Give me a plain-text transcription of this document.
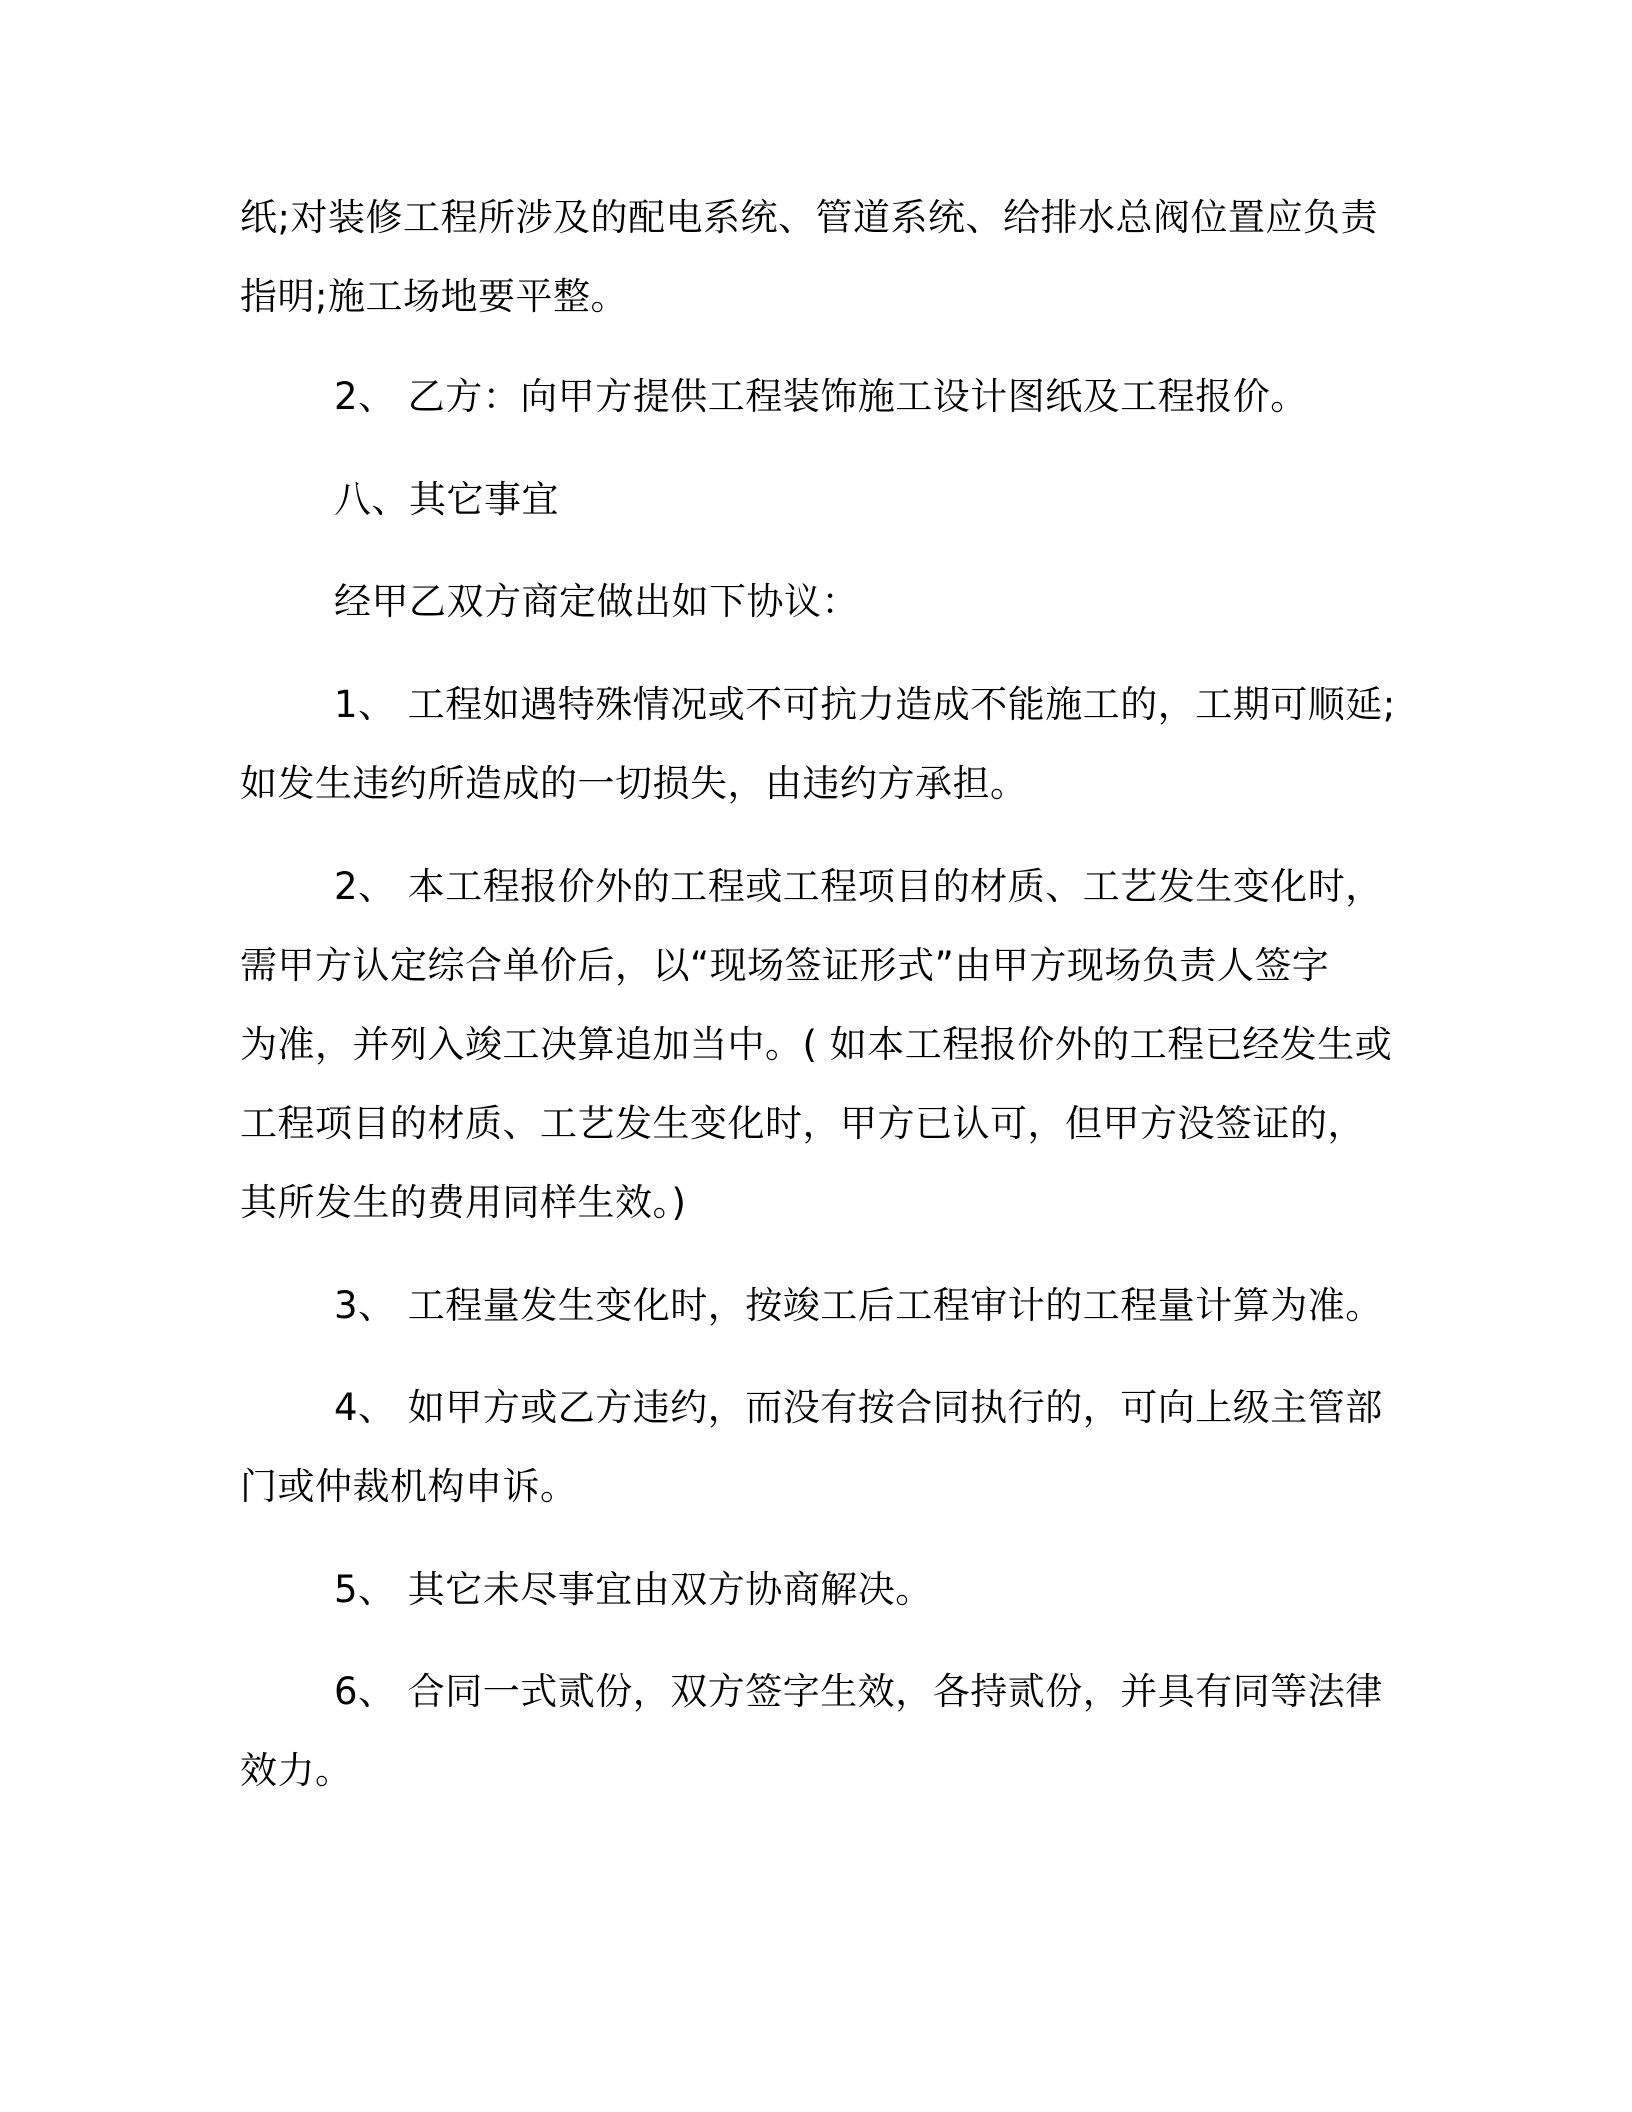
纸;对装修工程所涉及的配电系统、管道系统、给排水总阀位置应负责

指明;施工场地要平整。

2、 乙方：向甲方提供工程装饰施工设计图纸及工程报价。

八、其它事宜

经甲乙双方商定做出如下协议：

1、 工程如遇特殊情况或不可抗力造成不能施工的，工期可顺延;

如发生违约所造成的一切损失，由违约方承担。

2、 本工程报价外的工程或工程项目的材质、工艺发生变化时，

需甲方认定综合单价后，以“现场签证形式”由甲方现场负责人签字

为准，并列入竣工决算追加当中。( 如本工程报价外的工程已经发生或

工程项目的材质、工艺发生变化时，甲方已认可，但甲方没签证的，

其所发生的费用同样生效。)

3、 工程量发生变化时，按竣工后工程审计的工程量计算为准。

4、 如甲方或乙方违约，而没有按合同执行的，可向上级主管部

门或仲裁机构申诉。

5、 其它未尽事宜由双方协商解决。

6、 合同一式贰份，双方签字生效，各持贰份，并具有同等法律

效力。
